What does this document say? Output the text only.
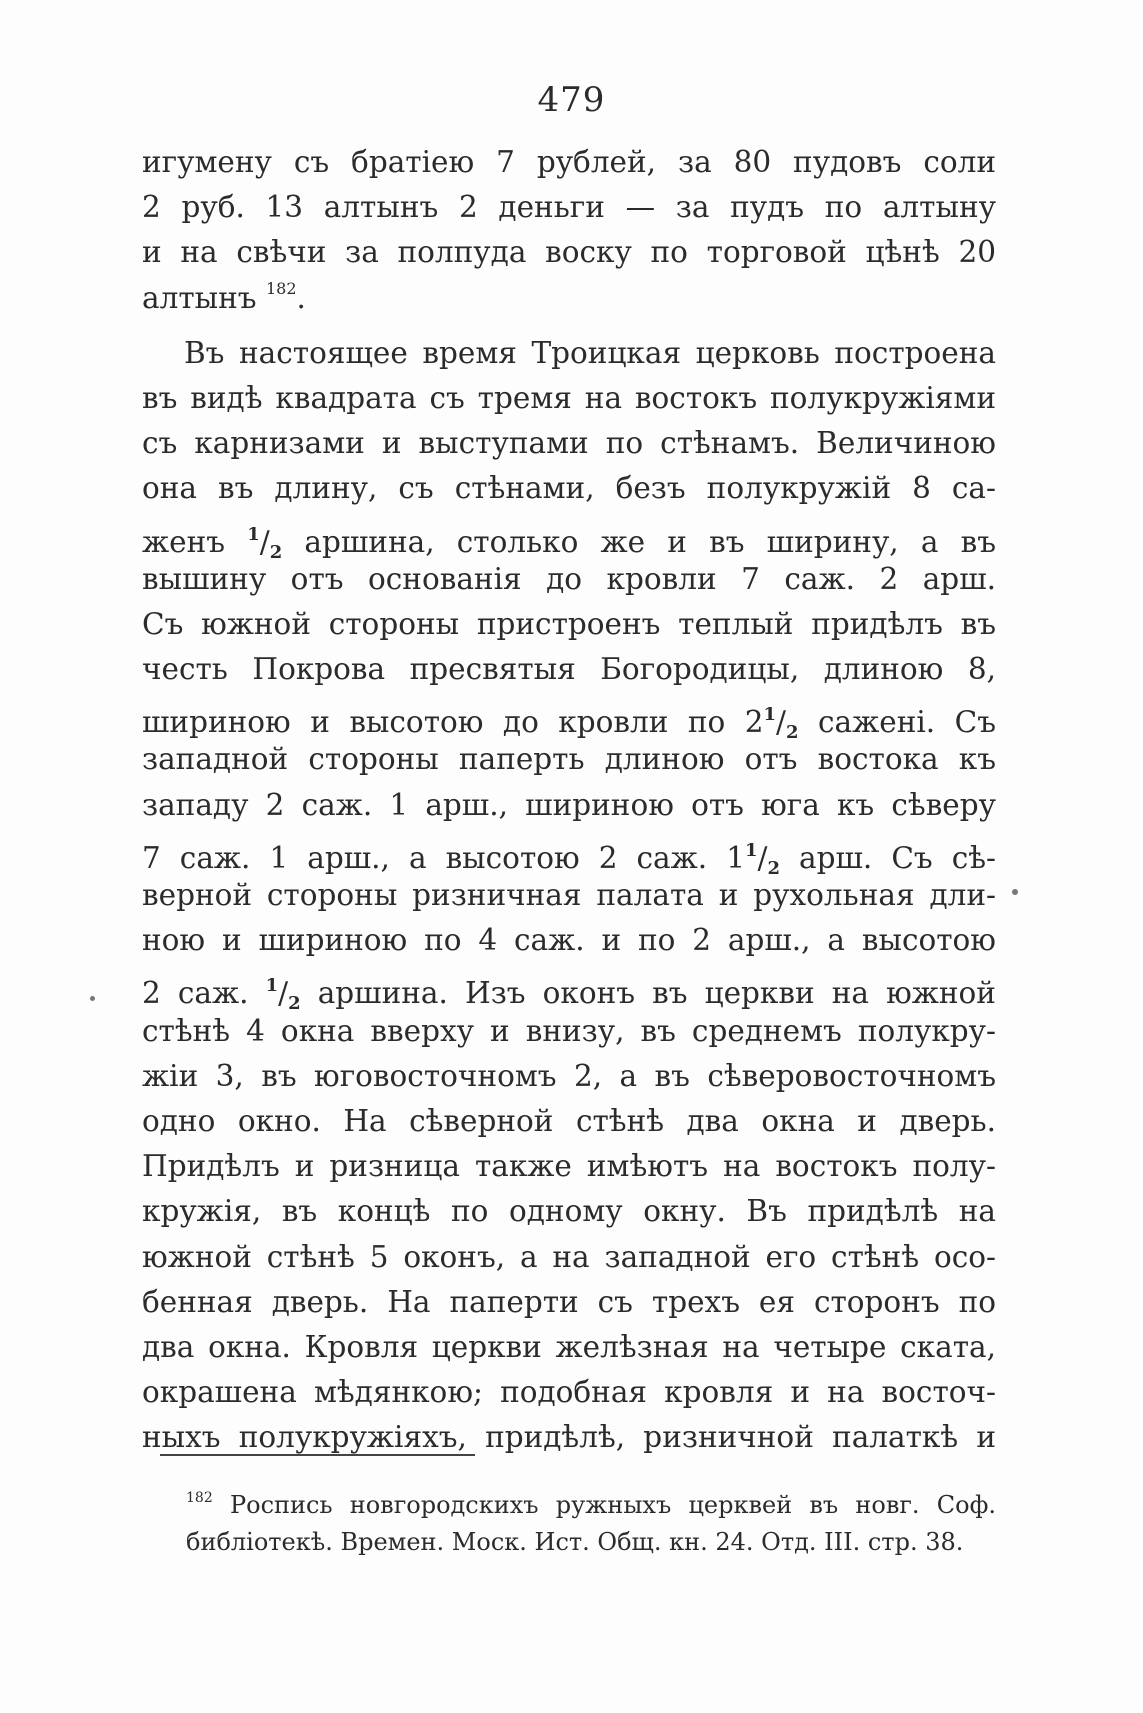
479
игумену съ братіею 7 рублей, за 80 пудовъ соли
2 руб. 13 алтынъ 2 деньги — за пудъ по алтыну
и на свѣчи за полпуда воску по торговой цѣнѣ 20
алтынъ $^{182}$.
Въ настоящее время Троицкая церковь построена
въ видѣ квадрата съ тремя на востокъ полукружіями
съ карнизами и выступами по стѣнамъ. Величиною
она въ длину, съ стѣнами, безъ полукружій 8 са-
женъ $^1/_2$ аршина, столько же и въ ширину, а въ
вышину отъ основанія до кровли 7 саж. 2 арш.
Съ южной стороны пристроенъ теплый придѣлъ въ
честь Покрова пресвятыя Богородицы, длиною 8,
шириною и высотою до кровли по $2^1/_2$ саженi. Съ
западной стороны паперть длиною отъ востока къ
западу 2 саж. 1 арш., шириною отъ юга къ сѣверу
7 саж. 1 арш., а высотою 2 саж. $1^1/_2$ арш. Съ сѣ-
верной стороны ризничная палата и рухольная дли-
ною и шириною по 4 саж. и по 2 арш., а высотою
2 саж. $^1/_2$ аршина. Изъ оконъ въ церкви на южной
стѣнѣ 4 окна вверху и внизу, въ среднемъ полукру-
жіи 3, въ юговосточномъ 2, а въ сѣверовосточномъ
одно окно. На сѣверной стѣнѣ два окна и дверь.
Придѣлъ и ризница также имѣютъ на востокъ полу-
кружія, въ концѣ по одному окну. Въ придѣлѣ на
южной стѣнѣ 5 оконъ, а на западной его стѣнѣ осо-
бенная дверь. На паперти съ трехъ ея сторонъ по
два окна. Кровля церкви желѣзная на четыре ската,
окрашена мѣдянкою; подобная кровля и на восточ-
ныхъ полукружіяхъ, придѣлѣ, ризничной палаткѣ и
$^{182}$ Роспись новгородскихъ ружныхъ церквей въ новг. Соф.
библіотекѣ. Времен. Моск. Ист. Общ. кн. 24. Отд. III. стр. 38.
